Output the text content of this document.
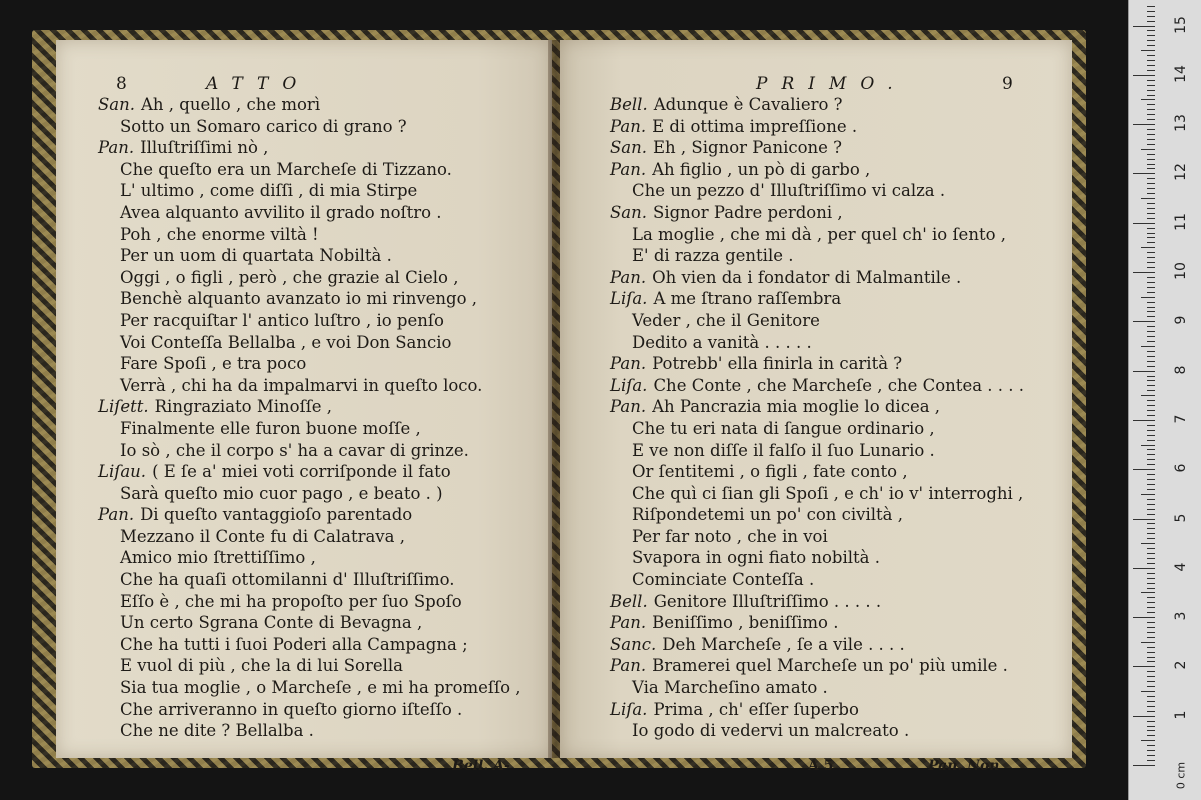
8	ATTO
San. Ah , quello , che morì
Sotto un Somaro carico di grano ?
Pan. Illuſtriſſimi nò ,
Che queſto era un Marcheſe di Tizzano.
L' ultimo , come diſſi , di mia Stirpe
Avea alquanto avvilito il grado noſtro .
Poh , che enorme viltà !
Per un uom di quartata Nobiltà .
Oggi , o figli , però , che grazie al Cielo ,
Benchè alquanto avanzato io mi rinvengo ,
Per racquiſtar l' antico luſtro , io penſo
Voi Conteſſa Bellalba , e voi Don Sancio
Fare Spoſi , e tra poco
Verrà , chi ha da impalmarvi in queſto loco.
Liſett. Ringraziato Minoſſe ,
Finalmente elle furon buone moſſe ,
Io sò , che il corpo s' ha a cavar di grinze.
Liſau. ( E ſe a' miei voti corriſponde il fato
Sarà queſto mio cuor pago , e beato . )
Pan. Di queſto vantaggioſo parentado
Mezzano il Conte fu di Calatrava ,
Amico mio ſtrettiſſimo ,
Che ha quaſi ottomilanni d' Illuſtriſſimo.
Eſſo è , che mi ha propoſto per ſuo Spoſo
Un certo Sgrana Conte di Bevagna ,
Che ha tutti i ſuoi Poderi alla Campagna ;
E vuol di più , che la di lui Sorella
Sia tua moglie , o Marcheſe , e mi ha promeſſo ,
Che arriveranno in queſto giorno iſteſſo .
Che ne dite ? Bellalba .
Bell. A-
PRIMO.	9
Bell. Adunque è Cavaliero ?
Pan. E di ottima impreſſione .
San. Eh , Signor Panicone ?
Pan. Ah figlio , un pò di garbo ,
Che un pezzo d' Illuſtriſſimo vi calza .
San. Signor Padre perdoni ,
La moglie , che mi dà , per quel ch' io ſento ,
E' di razza gentile .
Pan. Oh vien da i fondator di Malmantile .
Liſa. A me ſtrano raſſembra
Veder , che il Genitore
Dedito a vanità . . . . .
Pan. Potrebb' ella finirla in carità ?
Liſa. Che Conte , che Marcheſe , che Contea . . . .
Pan. Ah Pancrazia mia moglie lo dicea ,
Che tu eri nata di ſangue ordinario ,
E ve non diſſe il falſo il ſuo Lunario .
Or ſentitemi , o figli , fate conto ,
Che quì ci ſian gli Spoſi , e ch' io v' interroghi ,
Riſpondetemi un po' con civiltà ,
Per far noto , che in voi
Svapora in ogni fiato nobiltà .
Cominciate Conteſſa .
Bell. Genitore Illuſtriſſimo . . . . .
Pan. Beniſſimo , beniſſimo .
Sanc. Deh Marcheſe , ſe a vile . . . .
Pan. Bramerei quel Marcheſe un po' più umile .
Via Marcheſino amato .
Liſa. Prima , ch' eſſer ſuperbo
Io godo di vedervi un malcreato .
A 5	Pan. Non	0 cm
1
2
3
4
5
6
7
8
9
10
11
12
13
14
15
